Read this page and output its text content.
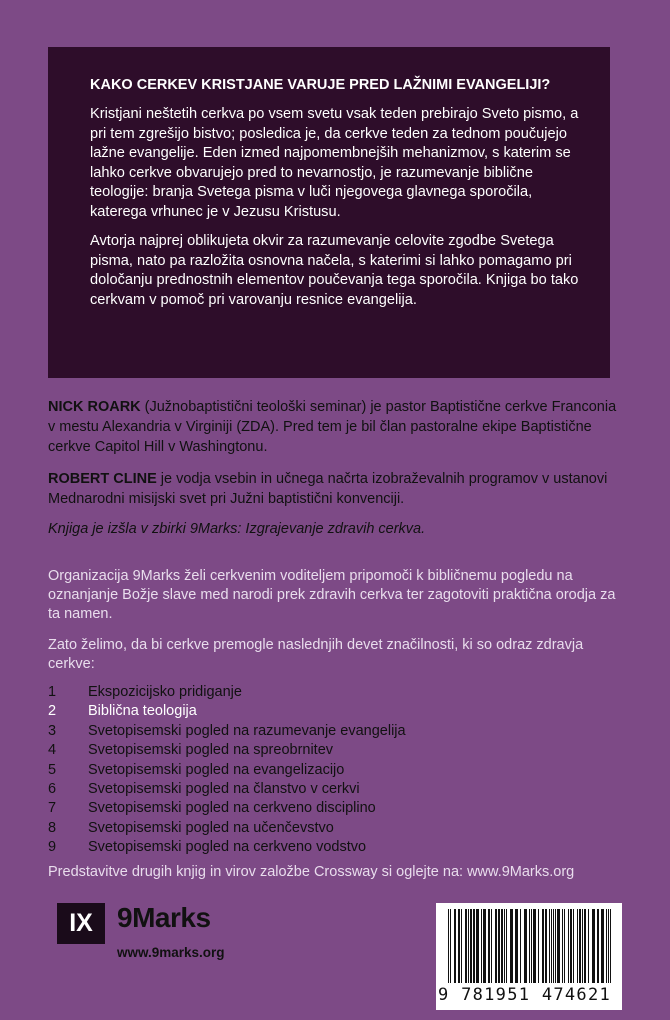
KAKO CERKEV KRISTJANE VARUJE PRED LAŽNIMI EVANGELIJI?

Kristjani neštetih cerkva po vsem svetu vsak teden prebirajo Sveto pismo, a pri tem zgrešijo bistvo; posledica je, da cerkve teden za tednom poučujejo lažne evangelije. Eden izmed najpomembnejših mehanizmov, s katerim se lahko cerkve obvarujejo pred to nevarnostjo, je razumevanje biblične teologije: branja Svetega pisma v luči njegovega glavnega sporočila, katerega vrhunec je v Jezusu Kristusu.

Avtorja najprej oblikujeta okvir za razumevanje celovite zgodbe Svetega pisma, nato pa razložita osnovna načela, s katerimi si lahko pomagamo pri določanju prednostnih elementov poučevanja tega sporočila. Knjiga bo tako cerkvam v pomoč pri varovanju resnice evangelija.

NICK ROARK (Južnobaptistični teološki seminar) je pastor Baptistične cerkve Franconia v mestu Alexandria v Virginiji (ZDA). Pred tem je bil član pastoralne ekipe Baptistične cerkve Capitol Hill v Washingtonu.
ROBERT CLINE je vodja vsebin in učnega načrta izobraževalnih programov v ustanovi Mednarodni misijski svet pri Južni baptistični konvenciji.
Knjiga je izšla v zbirki 9Marks: Izgrajevanje zdravih cerkva.
Organizacija 9Marks želi cerkvenim voditeljem pripomoči k bibličnemu pogledu na oznanjanje Božje slave med narodi prek zdravih cerkva ter zagotoviti praktična orodja za ta namen.
Zato želimo, da bi cerkve premogle naslednjih devet značilnosti, ki so odraz zdravja cerkve:
1 Ekspozicijsko pridiganje
2 Biblična teologija
3 Svetopisemski pogled na razumevanje evangelija
4 Svetopisemski pogled na spreobrnitev
5 Svetopisemski pogled na evangelizacijo
6 Svetopisemski pogled na članstvo v cerkvi
7 Svetopisemski pogled na cerkveno disciplino
8 Svetopisemski pogled na učenčevstvo
9 Svetopisemski pogled na cerkveno vodstvo
Predstavitve drugih knjig in virov založbe Crossway si oglejte na: www.9Marks.org
IX 9Marks
www.9marks.org
9 781951 474621
